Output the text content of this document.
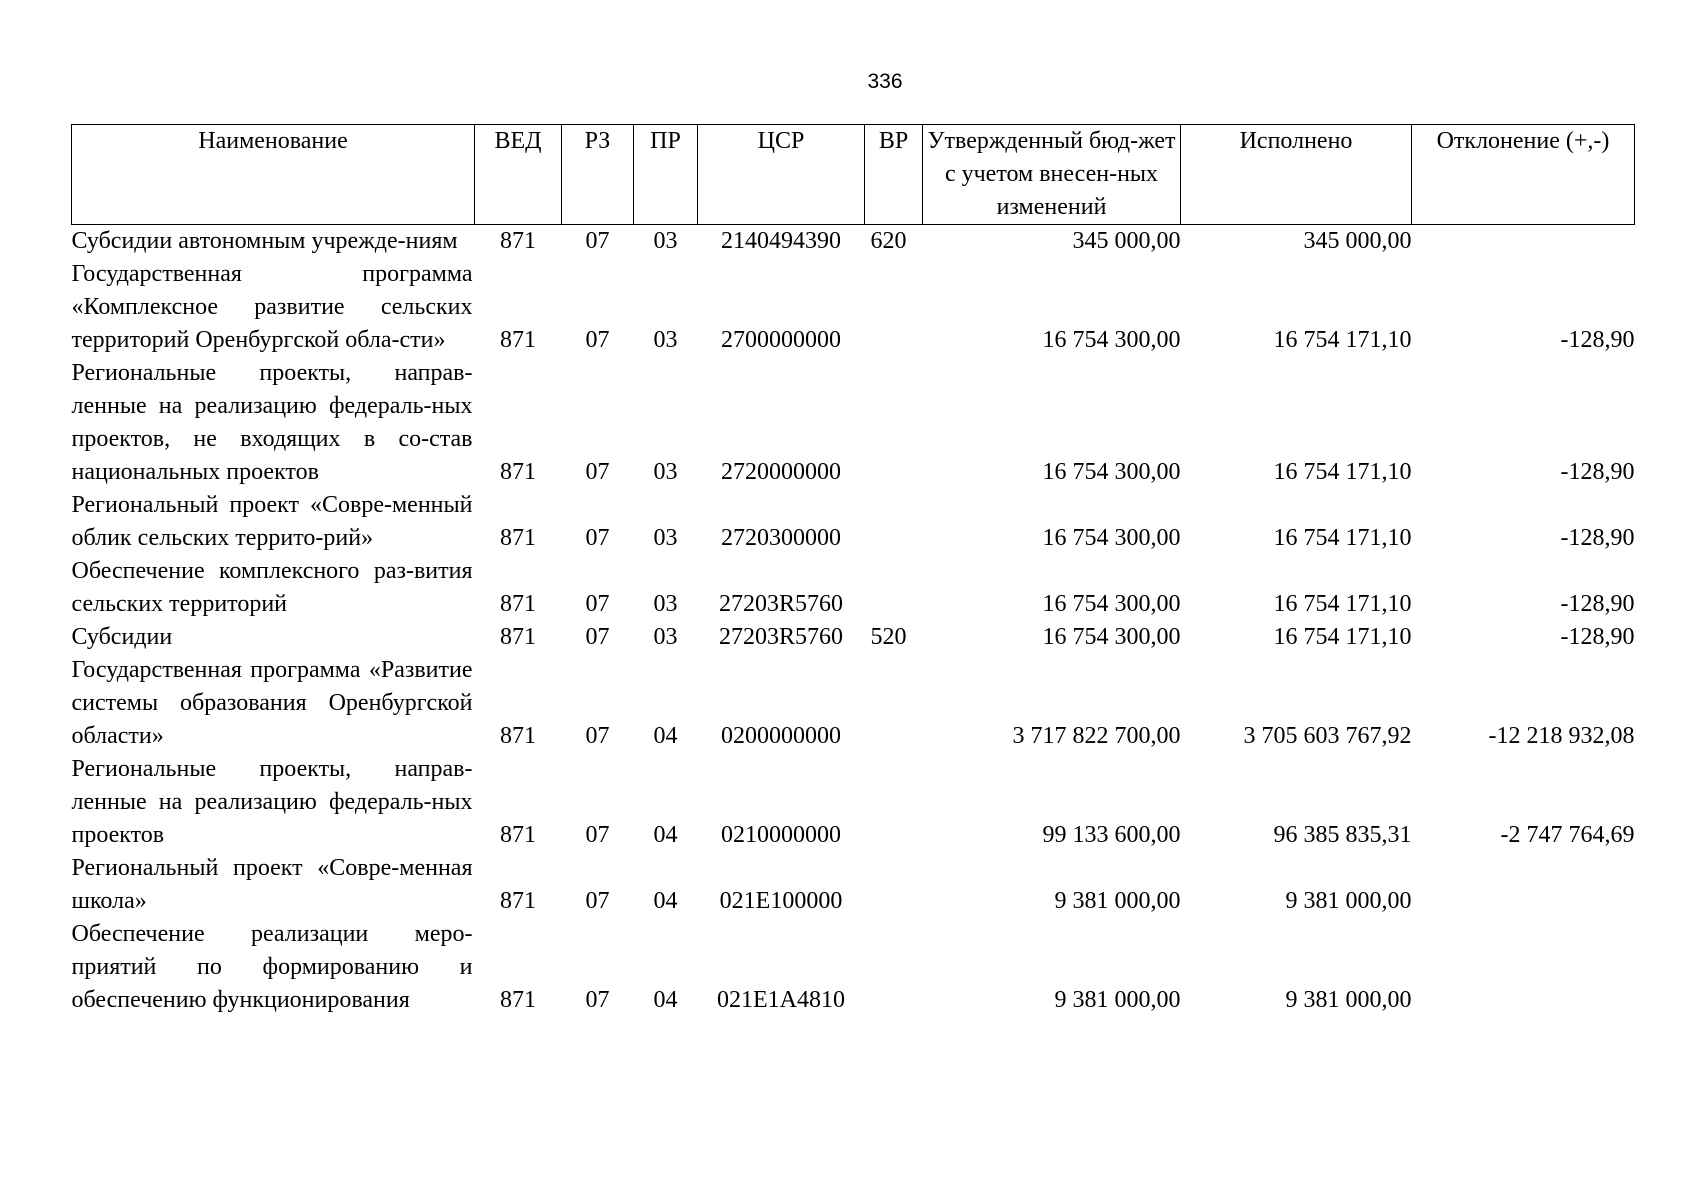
336
Наименование	ВЕД	РЗ	ПР	ЦСР	ВР	Утвержденный бюд-жет с учетом внесен-ных изменений	Исполнено	Отклонение (+,-)
Субсидии автономным учрежде-ниям	871	07	03	2140494390	620	345 000,00	345 000,00	
Государственная программа «Комплексное развитие сельских территорий Оренбургской обла-сти»	871	07	03	2700000000		16 754 300,00	16 754 171,10	-128,90
Региональные проекты, направ-ленные на реализацию федераль-ных проектов, не входящих в со-став национальных проектов	871	07	03	2720000000		16 754 300,00	16 754 171,10	-128,90
Региональный проект «Совре-менный облик сельских террито-рий»	871	07	03	2720300000		16 754 300,00	16 754 171,10	-128,90
Обеспечение комплексного раз-вития сельских территорий	871	07	03	27203R5760		16 754 300,00	16 754 171,10	-128,90
Субсидии	871	07	03	27203R5760	520	16 754 300,00	16 754 171,10	-128,90
Государственная программа «Развитие системы образования Оренбургской области»	871	07	04	0200000000		3 717 822 700,00	3 705 603 767,92	-12 218 932,08
Региональные проекты, направ-ленные на реализацию федераль-ных проектов	871	07	04	0210000000		99 133 600,00	96 385 835,31	-2 747 764,69
Региональный проект «Совре-менная школа»	871	07	04	021E100000		9 381 000,00	9 381 000,00	
Обеспечение реализации меро-приятий по формированию и обеспечению функционирования	871	07	04	021E1A4810		9 381 000,00	9 381 000,00	
